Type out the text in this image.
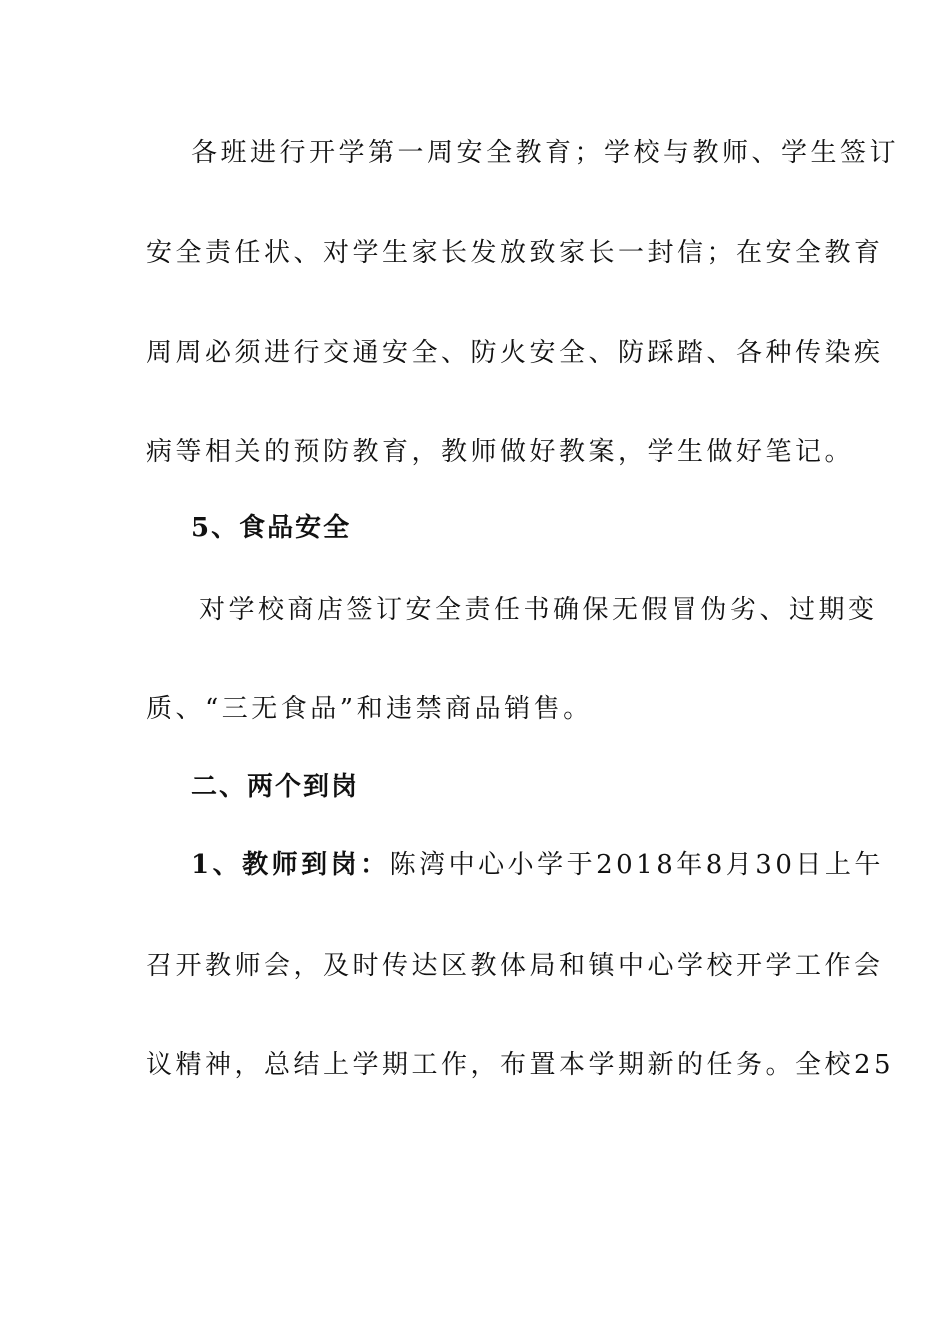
各班进行开学第一周安全教育；学校与教师、学生签订
安全责任状、对学生家长发放致家长一封信；在安全教育
周周必须进行交通安全、防火安全、防踩踏、各种传染疾
病等相关的预防教育，教师做好教案，学生做好笔记。
5、食品安全
对学校商店签订安全责任书确保无假冒伪劣、过期变
质、“三无食品”和违禁商品销售。
二、两个到岗
1、教师到岗：陈湾中心小学于2018年8月30日上午
召开教师会，及时传达区教体局和镇中心学校开学工作会
议精神，总结上学期工作，布置本学期新的任务。全校25
